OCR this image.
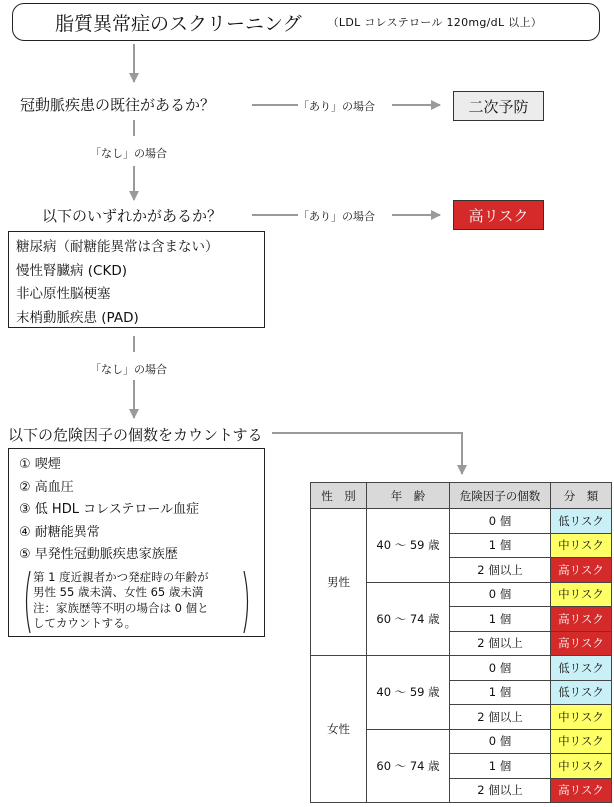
脂質異常症のスクリーニング （LDL コレステロール 120mg/dL 以上）
冠動脈疾患の既往があるか？	「あり」の場合	二次予防
「なし」の場合
以下のいずれかがあるか？	「あり」の場合	高リスク
糖尿病（耐糖能異常は含まない）
慢性腎臓病 (CKD)
非心原性脳梗塞
末梢動脈疾患 (PAD)
「なし」の場合
以下の危険因子の個数をカウントする
① 喫煙
② 高血圧
③ 低 HDL コレステロール血症
④ 耐糖能異常
⑤ 早発性冠動脈疾患家族歴
第 1 度近親者かつ発症時の年齢が
男性 55 歳未満、女性 65 歳未満
注：家族歴等不明の場合は 0 個と
してカウントする。
性　別	年　齢	危険因子の個数	分　類
男性	40 〜 59 歳	0 個	低リスク
		1 個	中リスク
		2 個以上	高リスク
	60 〜 74 歳	0 個	中リスク
		1 個	高リスク
		2 個以上	高リスク
女性	40 〜 59 歳	0 個	低リスク
		1 個	低リスク
		2 個以上	中リスク
	60 〜 74 歳	0 個	中リスク
		1 個	中リスク
		2 個以上	高リスク
